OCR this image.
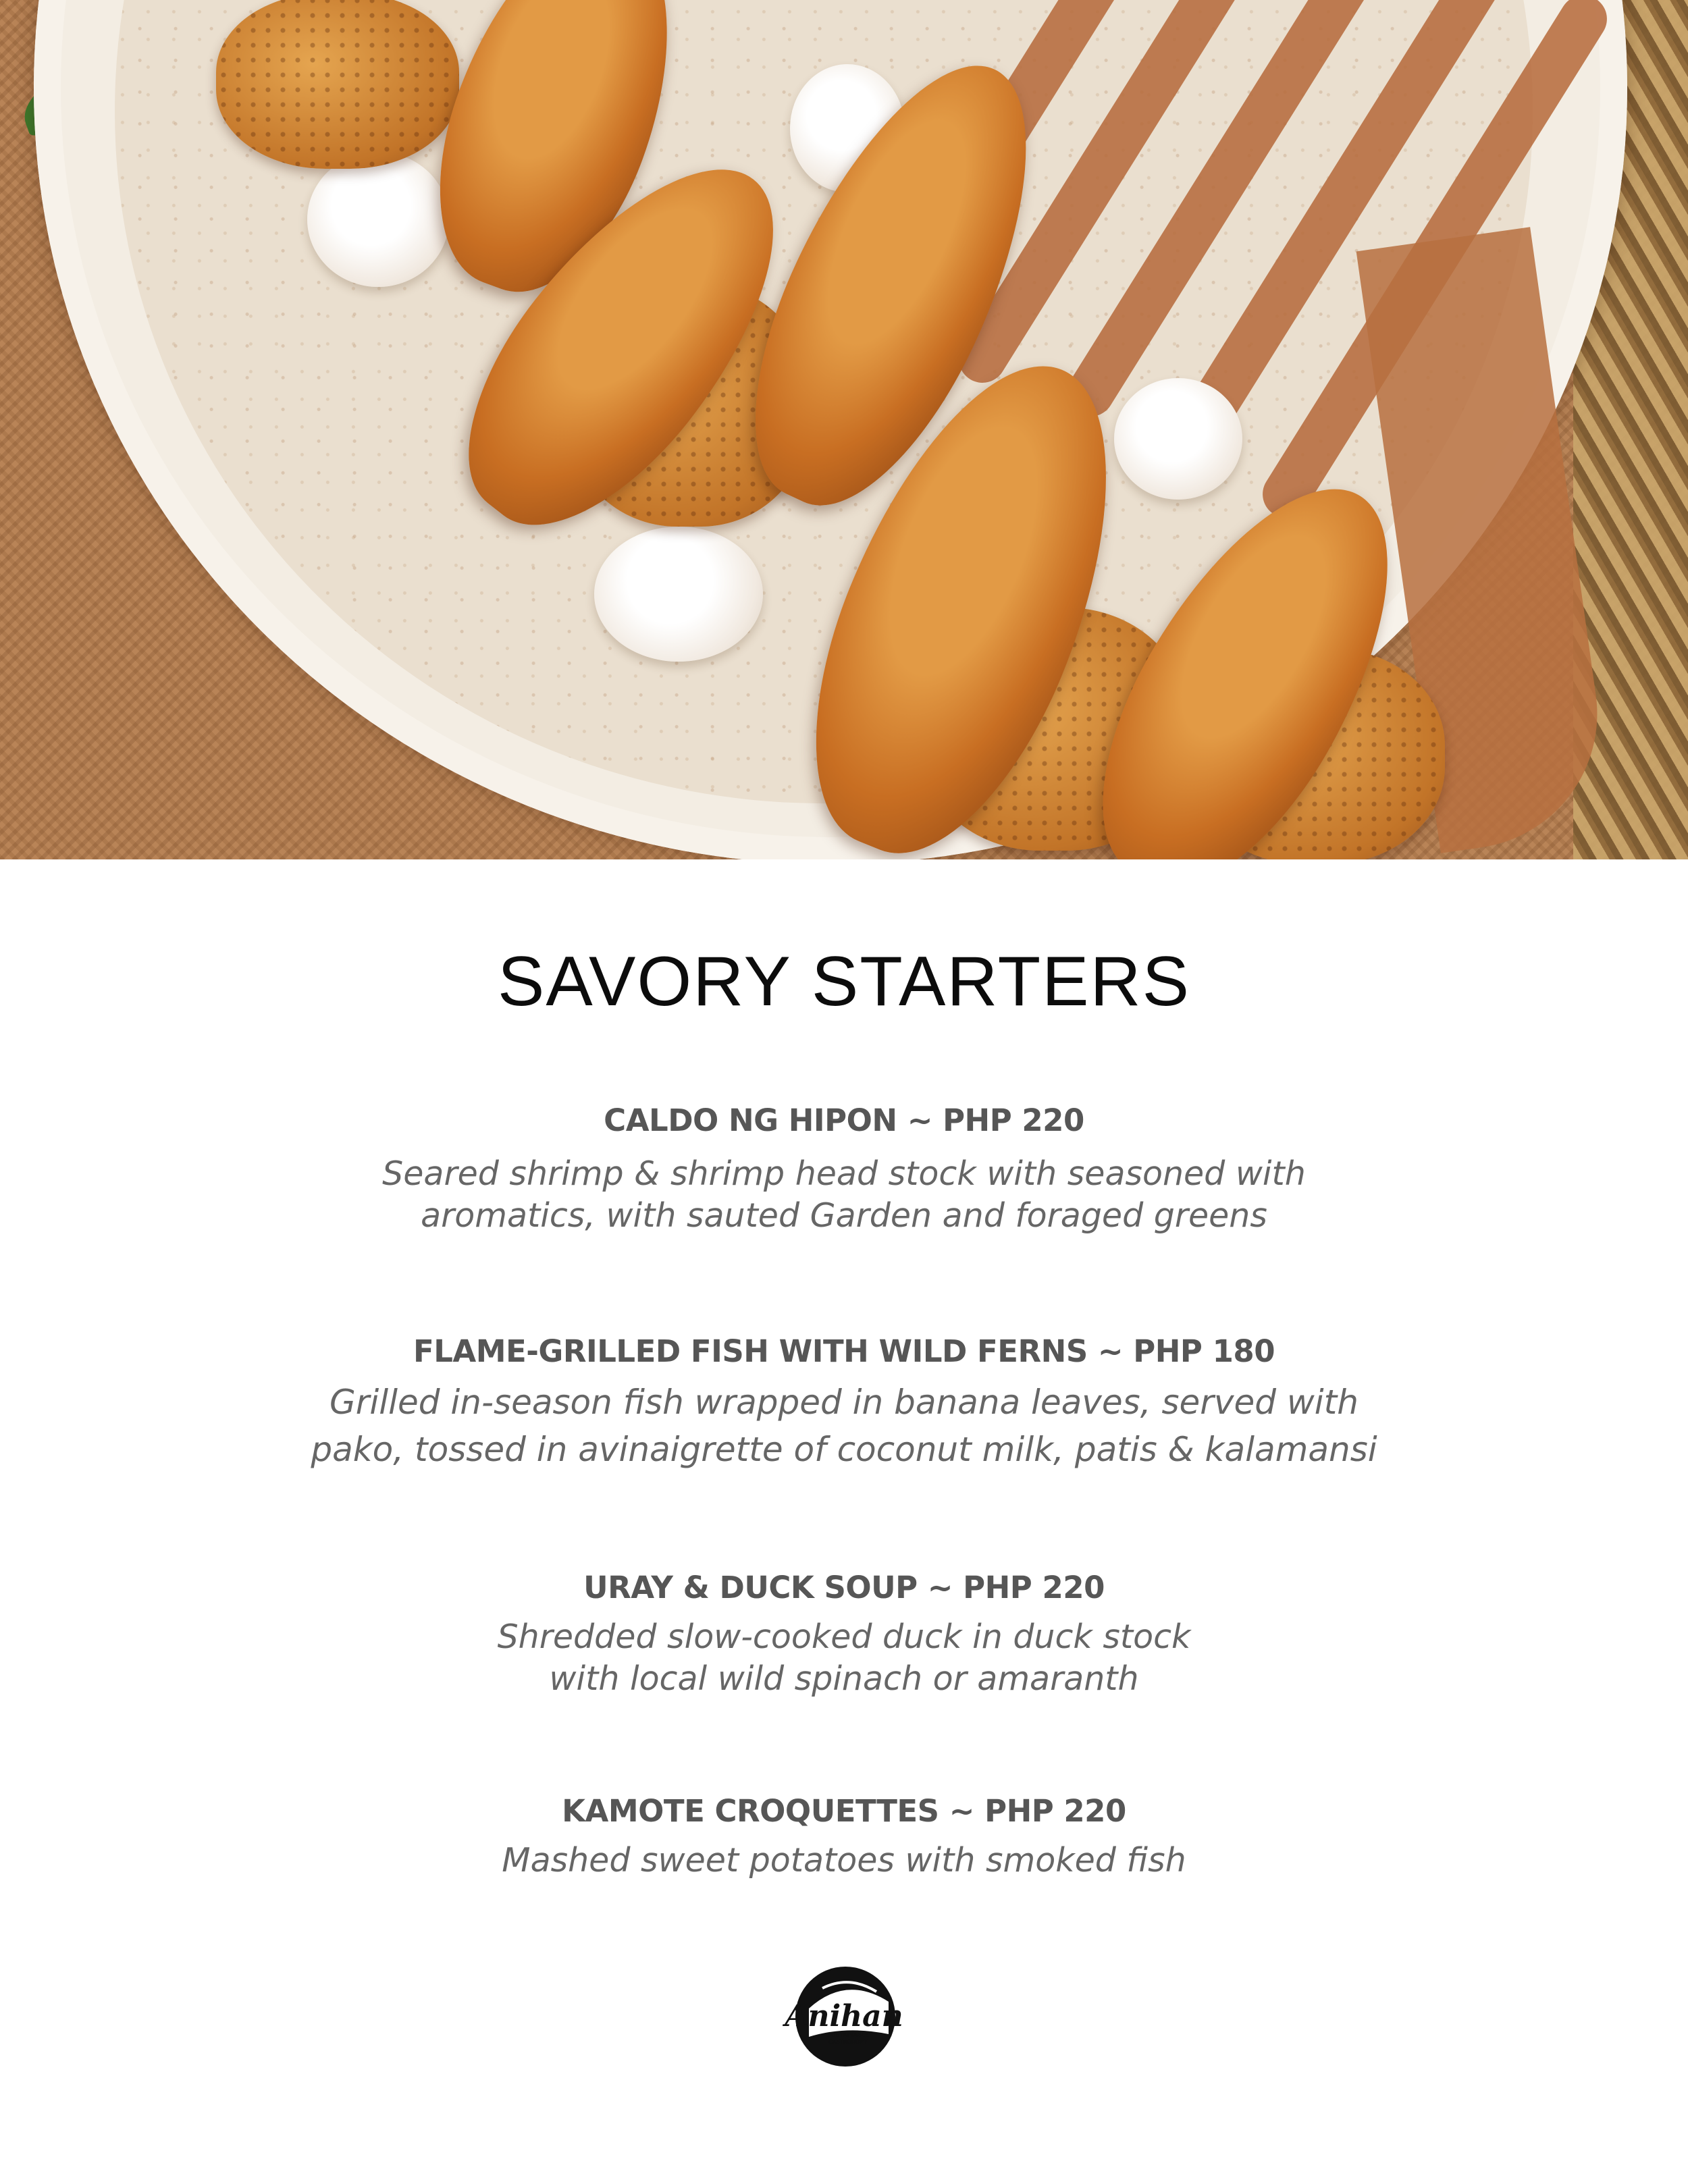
SAVORY STARTERS
CALDO NG HIPON ~ PHP 220
Seared shrimp & shrimp head stock with seasoned with
aromatics, with sauted Garden and foraged greens
FLAME-GRILLED FISH WITH WILD FERNS ~ PHP 180
Grilled in-season fish wrapped in banana leaves, served with
pako, tossed in avinaigrette of coconut milk, patis & kalamansi
URAY & DUCK SOUP ~ PHP 220
Shredded slow-cooked duck in duck stock
with local wild spinach or amaranth
KAMOTE CROQUETTES ~ PHP 220
Mashed sweet potatoes with smoked fish
Anihan
SUSTAINABLE
GASTRONOMY
